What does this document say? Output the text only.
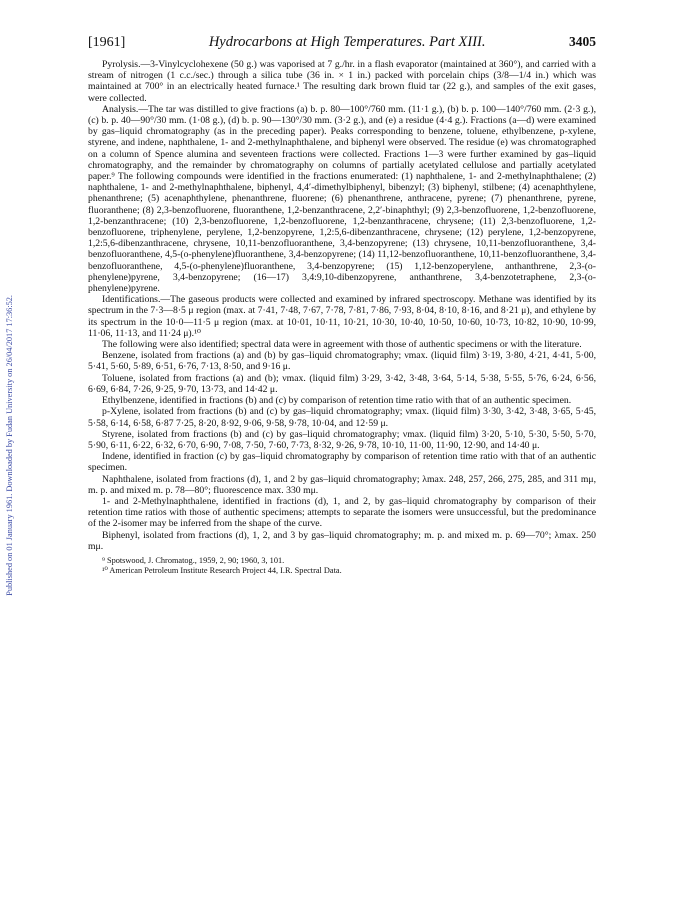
Published on 01 January 1961. Downloaded by Fudan University on 26/04/2017 17:36:52.
[1961]	Hydrocarbons at High Temperatures. Part XIII.	3405

Pyrolysis.—3-Vinylcyclohexene (50 g.) was vaporised at 7 g./hr. in a flash evaporator (maintained at 360°), and carried with a stream of nitrogen (1 c.c./sec.) through a silica tube (36 in. × 1 in.) packed with porcelain chips (3/8—1/4 in.) which was maintained at 700° in an electrically heated furnace.¹ The resulting dark brown fluid tar (22 g.), and samples of the exit gases, were collected.

Analysis.—The tar was distilled to give fractions (a) b. p. 80—100°/760 mm. (11·1 g.), (b) b. p. 100—140°/760 mm. (2·3 g.), (c) b. p. 40—90°/30 mm. (1·08 g.), (d) b. p. 90—130°/30 mm. (3·2 g.), and (e) a residue (4·4 g.). Fractions (a—d) were examined by gas–liquid chromatography (as in the preceding paper). Peaks corresponding to benzene, toluene, ethylbenzene, p-xylene, styrene, and indene, naphthalene, 1- and 2-methylnaphthalene, and biphenyl were observed. The residue (e) was chromatographed on a column of Spence alumina and seventeen fractions were collected. Fractions 1—3 were further examined by gas–liquid chromatography, and the remainder by chromatography on columns of partially acetylated cellulose and partially acetylated paper.⁹ The following compounds were identified in the fractions enumerated: (1) naphthalene, 1- and 2-methylnaphthalene; (2) naphthalene, 1- and 2-methylnaphthalene, biphenyl, 4,4′-dimethylbiphenyl, bibenzyl; (3) biphenyl, stilbene; (4) acenaphthylene, phenanthrene; (5) acenaphthylene, phenanthrene, fluorene; (6) phenanthrene, anthracene, pyrene; (7) phenanthrene, pyrene, fluoranthene; (8) 2,3-benzofluorene, fluoranthene, 1,2-benzanthracene, 2,2′-binaphthyl; (9) 2,3-benzofluorene, 1,2-benzofluorene, 1,2-benzanthracene; (10) 2,3-benzofluorene, 1,2-benzofluorene, 1,2-benzanthracene, chrysene; (11) 2,3-benzofluorene, 1,2-benzofluorene, triphenylene, perylene, 1,2-benzopyrene, 1,2:5,6-dibenzanthracene, chrysene; (12) perylene, 1,2-benzopyrene, 1,2:5,6-dibenzanthracene, chrysene, 10,11-benzofluoranthene, 3,4-benzopyrene; (13) chrysene, 10,11-benzofluoranthene, 3,4-benzofluoranthene, 4,5-(o-phenylene)fluoranthene, 3,4-benzopyrene; (14) 11,12-benzofluoranthene, 10,11-benzofluoranthene, 3,4-benzofluoranthene, 4,5-(o-phenylene)fluoranthene, 3,4-benzopyrene; (15) 1,12-benzoperylene, anthanthrene, 2,3-(o-phenylene)pyrene, 3,4-benzopyrene; (16—17) 3,4:9,10-dibenzopyrene, anthanthrene, 3,4-benzotetraphene, 2,3-(o-phenylene)pyrene.

Identifications.—The gaseous products were collected and examined by infrared spectroscopy. Methane was identified by its spectrum in the 7·3—8·5 μ region (max. at 7·41, 7·48, 7·67, 7·78, 7·81, 7·86, 7·93, 8·04, 8·10, 8·16, and 8·21 μ), and ethylene by its spectrum in the 10·0—11·5 μ region (max. at 10·01, 10·11, 10·21, 10·30, 10·40, 10·50, 10·60, 10·73, 10·82, 10·90, 10·99, 11·06, 11·13, and 11·24 μ).¹⁰

The following were also identified; spectral data were in agreement with those of authentic specimens or with the literature.

Benzene, isolated from fractions (a) and (b) by gas–liquid chromatography; νmax. (liquid film) 3·19, 3·80, 4·21, 4·41, 5·00, 5·41, 5·60, 5·89, 6·51, 6·76, 7·13, 8·50, and 9·16 μ.

Toluene, isolated from fractions (a) and (b); νmax. (liquid film) 3·29, 3·42, 3·48, 3·64, 5·14, 5·38, 5·55, 5·76, 6·24, 6·56, 6·69, 6·84, 7·26, 9·25, 9·70, 13·73, and 14·42 μ.

Ethylbenzene, identified in fractions (b) and (c) by comparison of retention time ratio with that of an authentic specimen.

p-Xylene, isolated from fractions (b) and (c) by gas–liquid chromatography; νmax. (liquid film) 3·30, 3·42, 3·48, 3·65, 5·45, 5·58, 6·14, 6·58, 6·87 7·25, 8·20, 8·92, 9·06, 9·58, 9·78, 10·04, and 12·59 μ.

Styrene, isolated from fractions (b) and (c) by gas–liquid chromatography; νmax. (liquid film) 3·20, 5·10, 5·30, 5·50, 5·70, 5·90, 6·11, 6·22, 6·32, 6·70, 6·90, 7·08, 7·50, 7·60, 7·73, 8·32, 9·26, 9·78, 10·10, 11·00, 11·90, 12·90, and 14·40 μ.

Indene, identified in fraction (c) by gas–liquid chromatography by comparison of retention time ratio with that of an authentic specimen.

Naphthalene, isolated from fractions (d), 1, and 2 by gas–liquid chromatography; λmax. 248, 257, 266, 275, 285, and 311 mμ, m. p. and mixed m. p. 78—80°; fluorescence max. 330 mμ.

1- and 2-Methylnaphthalene, identified in fractions (d), 1, and 2, by gas–liquid chromatography by comparison of their retention time ratios with those of authentic specimens; attempts to separate the isomers were unsuccessful, but the predominance of the 2-isomer may be inferred from the shape of the curve.

Biphenyl, isolated from fractions (d), 1, 2, and 3 by gas–liquid chromatography; m. p. and mixed m. p. 69—70°; λmax. 250 mμ.

⁹ Spotswood, J. Chromatog., 1959, 2, 90; 1960, 3, 101.

¹⁰ American Petroleum Institute Research Project 44, I.R. Spectral Data.
